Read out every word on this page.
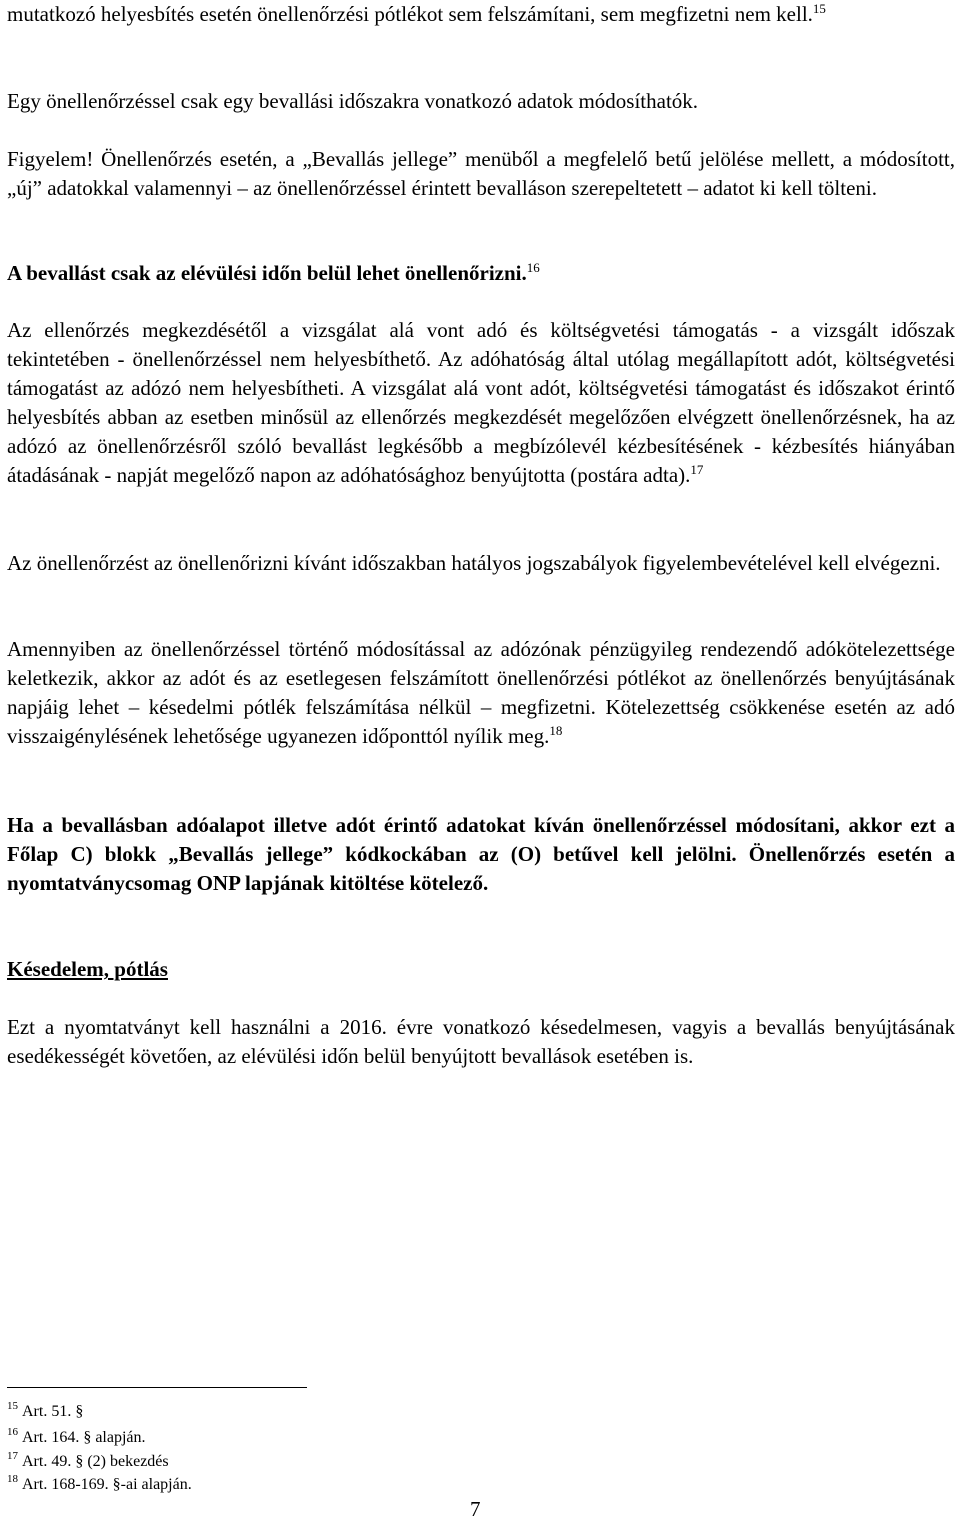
mutatkozó helyesbítés esetén önellenőrzési pótlékot sem felszámítani, sem megfizetni nem kell.$^{15}$

Egy önellenőrzéssel csak egy bevallási időszakra vonatkozó adatok módosíthatók.

Figyelem! Önellenőrzés esetén, a „Bevallás jellege” menüből a megfelelő betű jelölése mellett, a módosított, „új” adatokkal valamennyi – az önellenőrzéssel érintett bevalláson szerepeltetett – adatot ki kell tölteni.

A bevallást csak az elévülési időn belül lehet önellenőrizni.$^{16}$

Az ellenőrzés megkezdésétől a vizsgálat alá vont adó és költségvetési támogatás - a vizsgált időszak tekintetében - önellenőrzéssel nem helyesbíthető. Az adóhatóság által utólag megállapított adót, költségvetési támogatást az adózó nem helyesbítheti. A vizsgálat alá vont adót, költségvetési támogatást és időszakot érintő helyesbítés abban az esetben minősül az ellenőrzés megkezdését megelőzően elvégzett önellenőrzésnek, ha az adózó az önellenőrzésről szóló bevallást legkésőbb a megbízólevél kézbesítésének - kézbesítés hiányában átadásának - napját megelőző napon az adóhatósághoz benyújtotta (postára adta).$^{17}$

Az önellenőrzést az önellenőrizni kívánt időszakban hatályos jogszabályok figyelembevételével kell elvégezni.

Amennyiben az önellenőrzéssel történő módosítással az adózónak pénzügyileg rendezendő adókötelezettsége keletkezik, akkor az adót és az esetlegesen felszámított önellenőrzési pótlékot az önellenőrzés benyújtásának napjáig lehet – késedelmi pótlék felszámítása nélkül – megfizetni. Kötelezettség csökkenése esetén az adó visszaigénylésének lehetősége ugyanezen időponttól nyílik meg.$^{18}$

Ha a bevallásban adóalapot illetve adót érintő adatokat kíván önellenőrzéssel módosítani, akkor ezt a Főlap C) blokk „Bevallás jellege” kódkockában az (O) betűvel kell jelölni. Önellenőrzés esetén a nyomtatványcsomag ONP lapjának kitöltése kötelező.

Késedelem, pótlás

Ezt a nyomtatványt kell használni a 2016. évre vonatkozó késedelmesen, vagyis a bevallás benyújtásának esedékességét követően, az elévülési időn belül benyújtott bevallások esetében is.

$^{15}$ Art. 51. §

$^{16}$ Art. 164. § alapján.

$^{17}$ Art. 49. § (2) bekezdés

$^{18}$ Art. 168-169. §-ai alapján.

7
